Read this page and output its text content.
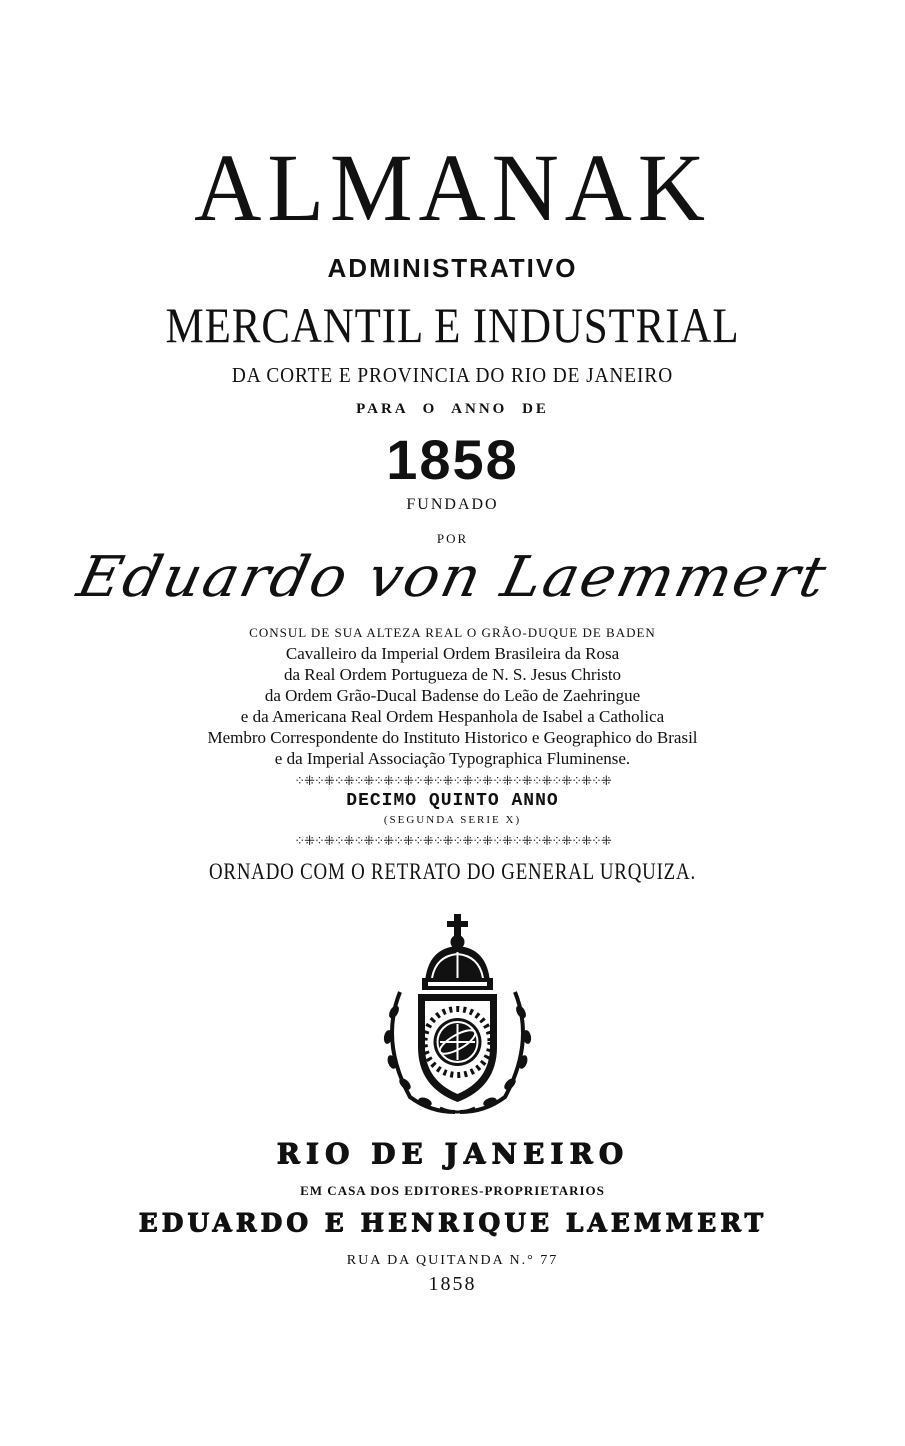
ALMANAK
ADMINISTRATIVO
MERCANTIL E INDUSTRIAL
DA CORTE E PROVINCIA DO RIO DE JANEIRO
PARA O ANNO DE
1858
FUNDADO
POR
Eduardo von Laemmert
CONSUL DE SUA ALTEZA REAL O GRÃO-DUQUE DE BADEN
Cavalleiro da Imperial Ordem Brasileira da Rosa
da Real Ordem Portugueza de N. S. Jesus Christo
da Ordem Grão-Ducal Badense do Leão de Zaehringue
e da Americana Real Ordem Hespanhola de Isabel a Catholica
Membro Correspondente do Instituto Historico e Geographico do Brasil
e da Imperial Associação Typographica Fluminense.
⁘⁜⁘⁜⁘⁜⁘⁜⁘⁜⁘⁜⁘⁜⁘⁜⁘⁜⁘⁜⁘⁜⁘⁜⁘⁜⁘⁜⁘⁜⁘⁜
DECIMO QUINTO ANNO
(SEGUNDA SERIE X)
⁘⁜⁘⁜⁘⁜⁘⁜⁘⁜⁘⁜⁘⁜⁘⁜⁘⁜⁘⁜⁘⁜⁘⁜⁘⁜⁘⁜⁘⁜⁘⁜
ORNADO COM O RETRATO DO GENERAL URQUIZA.
RIO DE JANEIRO
EM CASA DOS EDITORES-PROPRIETARIOS
EDUARDO E HENRIQUE LAEMMERT
RUA DA QUITANDA N.° 77
1858
